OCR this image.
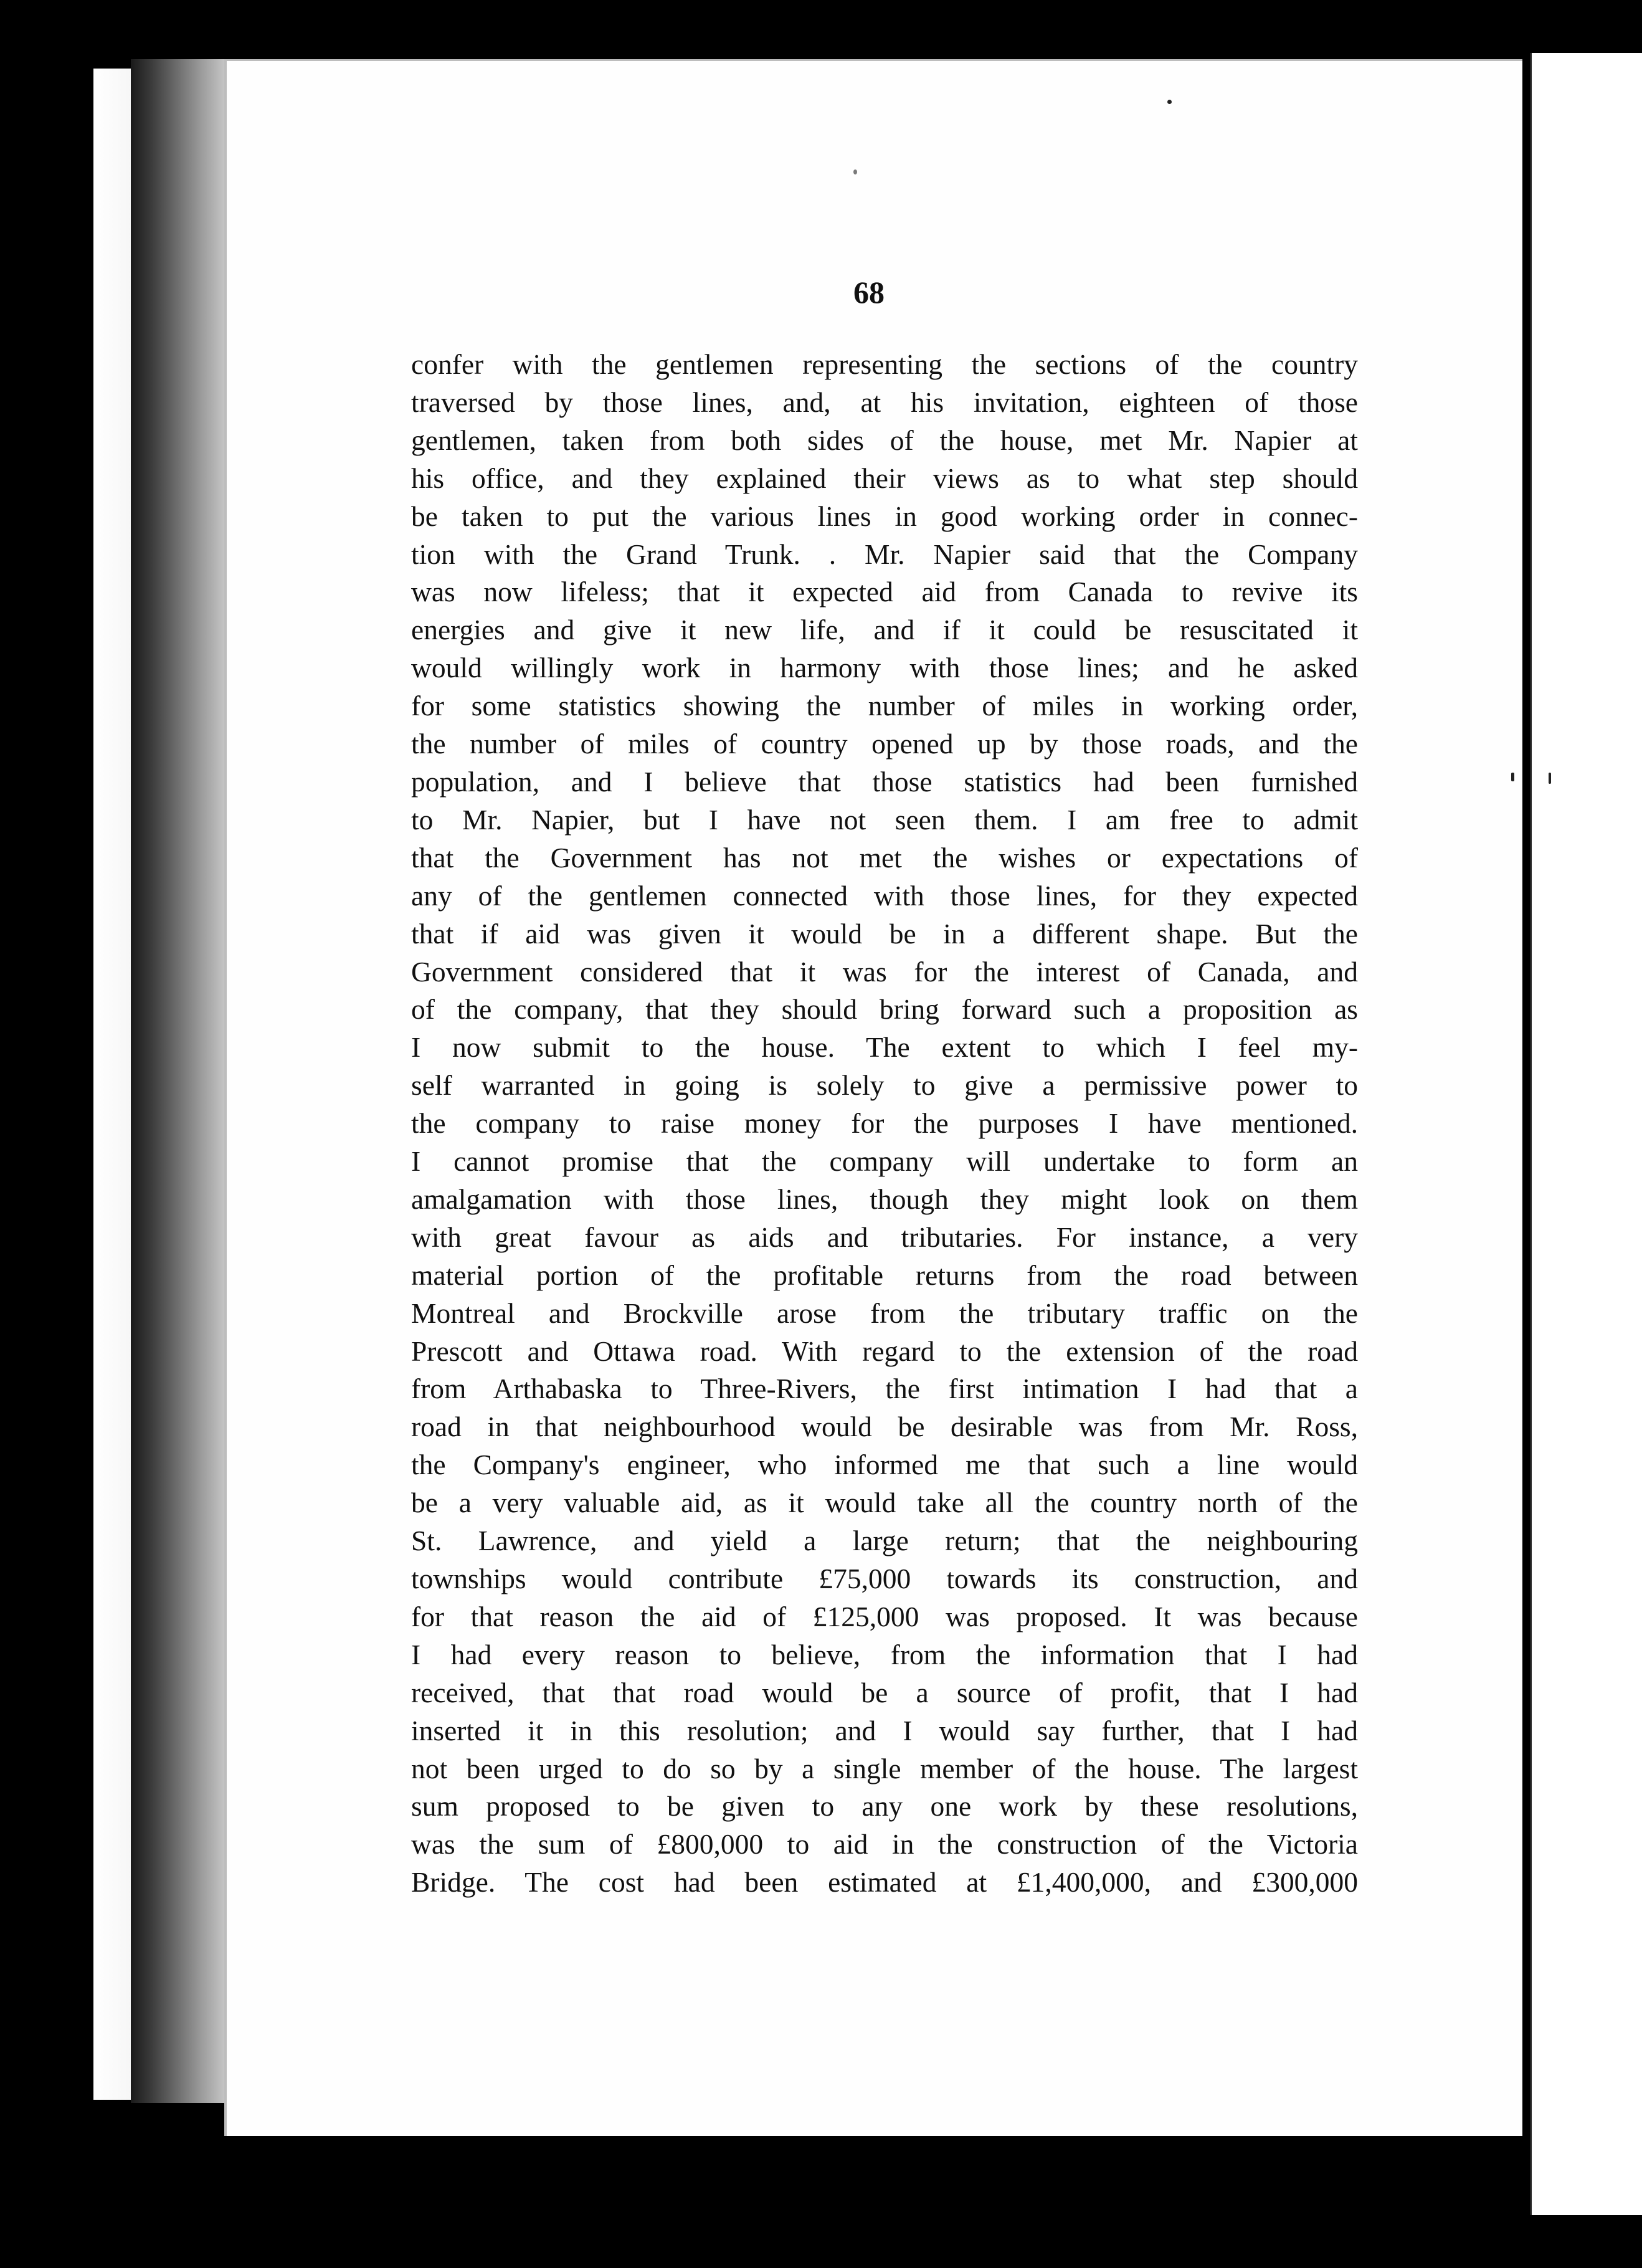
68
confer with the gentlemen representing the sections of the country
traversed by those lines, and, at his invitation, eighteen of those
gentlemen, taken from both sides of the house, met Mr. Napier at
his office, and they explained their views as to what step should
be taken to put the various lines in good working order in connec-
tion with the Grand Trunk. . Mr. Napier said that the Company
was now lifeless; that it expected aid from Canada to revive its
energies and give it new life, and if it could be resuscitated it
would willingly work in harmony with those lines; and he asked
for some statistics showing the number of miles in working order,
the number of miles of country opened up by those roads, and the
population, and I believe that those statistics had been furnished
to Mr. Napier, but I have not seen them. I am free to admit
that the Government has not met the wishes or expectations of
any of the gentlemen connected with those lines, for they expected
that if aid was given it would be in a different shape. But the
Government considered that it was for the interest of Canada, and
of the company, that they should bring forward such a proposition as
I now submit to the house. The extent to which I feel my-
self warranted in going is solely to give a permissive power to
the company to raise money for the purposes I have mentioned.
I cannot promise that the company will undertake to form an
amalgamation with those lines, though they might look on them
with great favour as aids and tributaries. For instance, a very
material portion of the profitable returns from the road between
Montreal and Brockville arose from the tributary traffic on the
Prescott and Ottawa road. With regard to the extension of the road
from Arthabaska to Three-Rivers, the first intimation I had that a
road in that neighbourhood would be desirable was from Mr. Ross,
the Company's engineer, who informed me that such a line would
be a very valuable aid, as it would take all the country north of the
St. Lawrence, and yield a large return; that the neighbouring
townships would contribute £75,000 towards its construction, and
for that reason the aid of £125,000 was proposed. It was because
I had every reason to believe, from the information that I had
received, that that road would be a source of profit, that I had
inserted it in this resolution; and I would say further, that I had
not been urged to do so by a single member of the house. The largest
sum proposed to be given to any one work by these resolutions,
was the sum of £800,000 to aid in the construction of the Victoria
Bridge. The cost had been estimated at £1,400,000, and £300,000
